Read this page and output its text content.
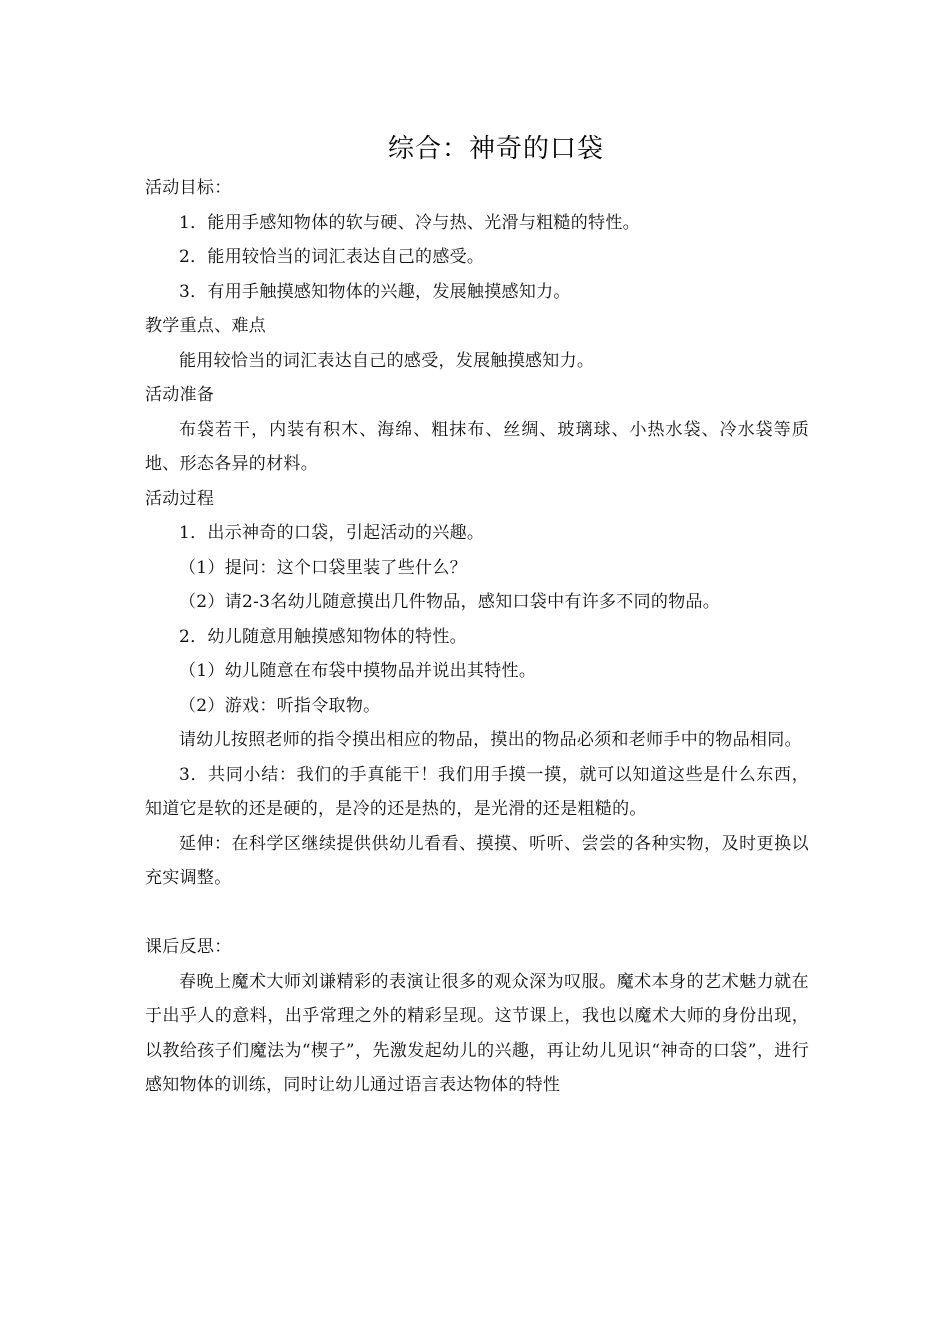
综合：神奇的口袋

活动目标：

1．能用手感知物体的软与硬、冷与热、光滑与粗糙的特性。

2．能用较恰当的词汇表达自己的感受。

3．有用手触摸感知物体的兴趣，发展触摸感知力。

教学重点、难点

能用较恰当的词汇表达自己的感受，发展触摸感知力。

活动准备

布袋若干，内装有积木、海绵、粗抹布、丝绸、玻璃球、小热水袋、冷水袋等质地、形态各异的材料。

活动过程

1．出示神奇的口袋，引起活动的兴趣。

（1）提问：这个口袋里装了些什么？

（2）请2-3名幼儿随意摸出几件物品，感知口袋中有许多不同的物品。

2．幼儿随意用触摸感知物体的特性。

（1）幼儿随意在布袋中摸物品并说出其特性。

（2）游戏：听指令取物。

请幼儿按照老师的指令摸出相应的物品，摸出的物品必须和老师手中的物品相同。

3．共同小结：我们的手真能干！我们用手摸一摸，就可以知道这些是什么东西，知道它是软的还是硬的，是冷的还是热的，是光滑的还是粗糙的。

延伸：在科学区继续提供供幼儿看看、摸摸、听听、尝尝的各种实物，及时更换以充实调整。

课后反思：

春晚上魔术大师刘谦精彩的表演让很多的观众深为叹服。魔术本身的艺术魅力就在于出乎人的意料，出乎常理之外的精彩呈现。这节课上，我也以魔术大师的身份出现，以教给孩子们魔法为“楔子”，先激发起幼儿的兴趣，再让幼儿见识“神奇的口袋”，进行感知物体的训练，同时让幼儿通过语言表达物体的特性
